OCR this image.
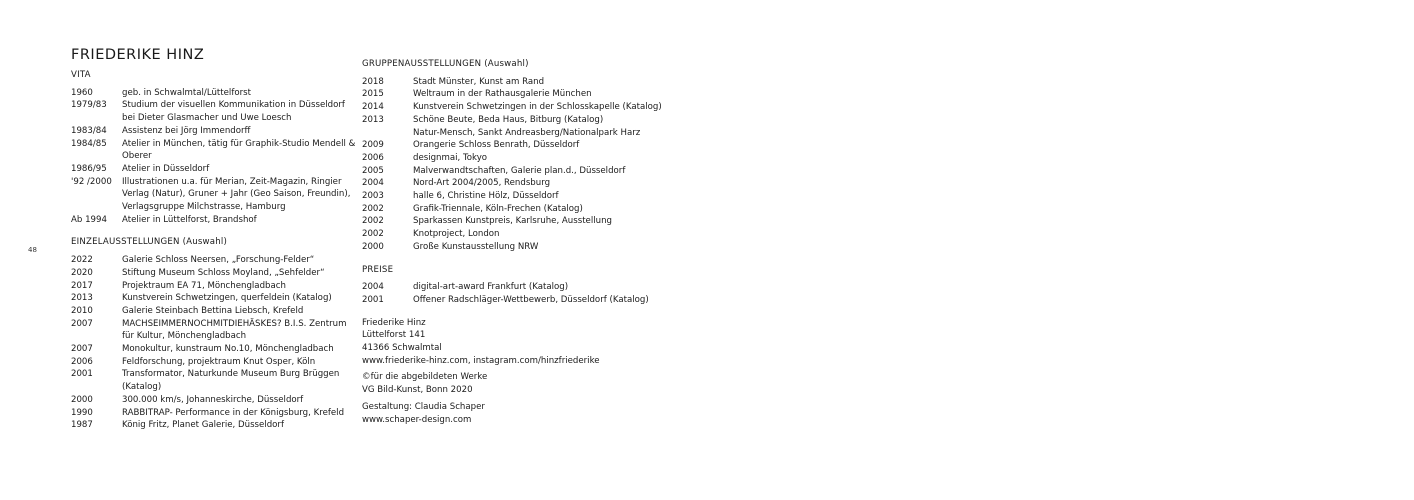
48
FRIEDERIKE HINZ
VITA
1960	geb. in Schwalmtal/Lüttelforst
1979/83	Studium der visuellen Kommunikation in Düsseldorf bei Dieter Glasmacher und Uwe Loesch
1983/84	Assistenz bei Jörg Immendorff
1984/85	Atelier in München, tätig für Graphik-Studio Mendell & Oberer
1986/95	Atelier in Düsseldorf
'92 /2000	Illustrationen u.a. für Merian, Zeit-Magazin, Ringier Verlag (Natur), Gruner + Jahr (Geo Saison, Freundin), Verlagsgruppe Milchstrasse, Hamburg
Ab 1994	Atelier in Lüttelforst, Brandshof
EINZELAUSSTELLUNGEN (Auswahl)
2022	Galerie Schloss Neersen, „Forschung-Felder“
2020	Stiftung Museum Schloss Moyland, „Sehfelder“
2017	Projektraum EA 71, Mönchengladbach
2013	Kunstverein Schwetzingen, querfeldein (Katalog)
2010	Galerie Steinbach Bettina Liebsch, Krefeld
2007	MACHSEIMMERNOCHMITDIEHÄSKES? B.I.S. Zentrum für Kultur, Mönchengladbach
2007	Monokultur, kunstraum No.10, Mönchengladbach
2006	Feldforschung, projektraum Knut Osper, Köln
2001	Transformator, Naturkunde Museum Burg Brüggen (Katalog)
2000	300.000 km/s, Johanneskirche, Düsseldorf
1990	RABBITRAP- Performance in der Königsburg, Krefeld
1987	König Fritz, Planet Galerie, Düsseldorf
GRUPPENAUSSTELLUNGEN (Auswahl)
2018	Stadt Münster, Kunst am Rand
2015	Weltraum in der Rathausgalerie München
2014	Kunstverein Schwetzingen in der Schlosskapelle (Katalog)
2013	Schöne Beute, Beda Haus, Bitburg (Katalog)
Natur-Mensch, Sankt Andreasberg/Nationalpark Harz
2009	Orangerie Schloss Benrath, Düsseldorf
2006	designmai, Tokyo
2005	Malverwandtschaften, Galerie plan.d., Düsseldorf
2004	Nord-Art 2004/2005, Rendsburg
2003	halle 6, Christine Hölz, Düsseldorf
2002	Grafik-Triennale, Köln-Frechen (Katalog)
2002	Sparkassen Kunstpreis, Karlsruhe, Ausstellung
2002	Knotproject, London
2000	Große Kunstausstellung NRW
PREISE
2004	digital-art-award Frankfurt (Katalog)
2001	Offener Radschläger-Wettbewerb, Düsseldorf (Katalog)
Friederike Hinz
Lüttelforst 141
41366 Schwalmtal
www.friederike-hinz.com, instagram.com/hinzfriederike
©für die abgebildeten Werke
VG Bild-Kunst, Bonn 2020
Gestaltung: Claudia Schaper
www.schaper-design.com
